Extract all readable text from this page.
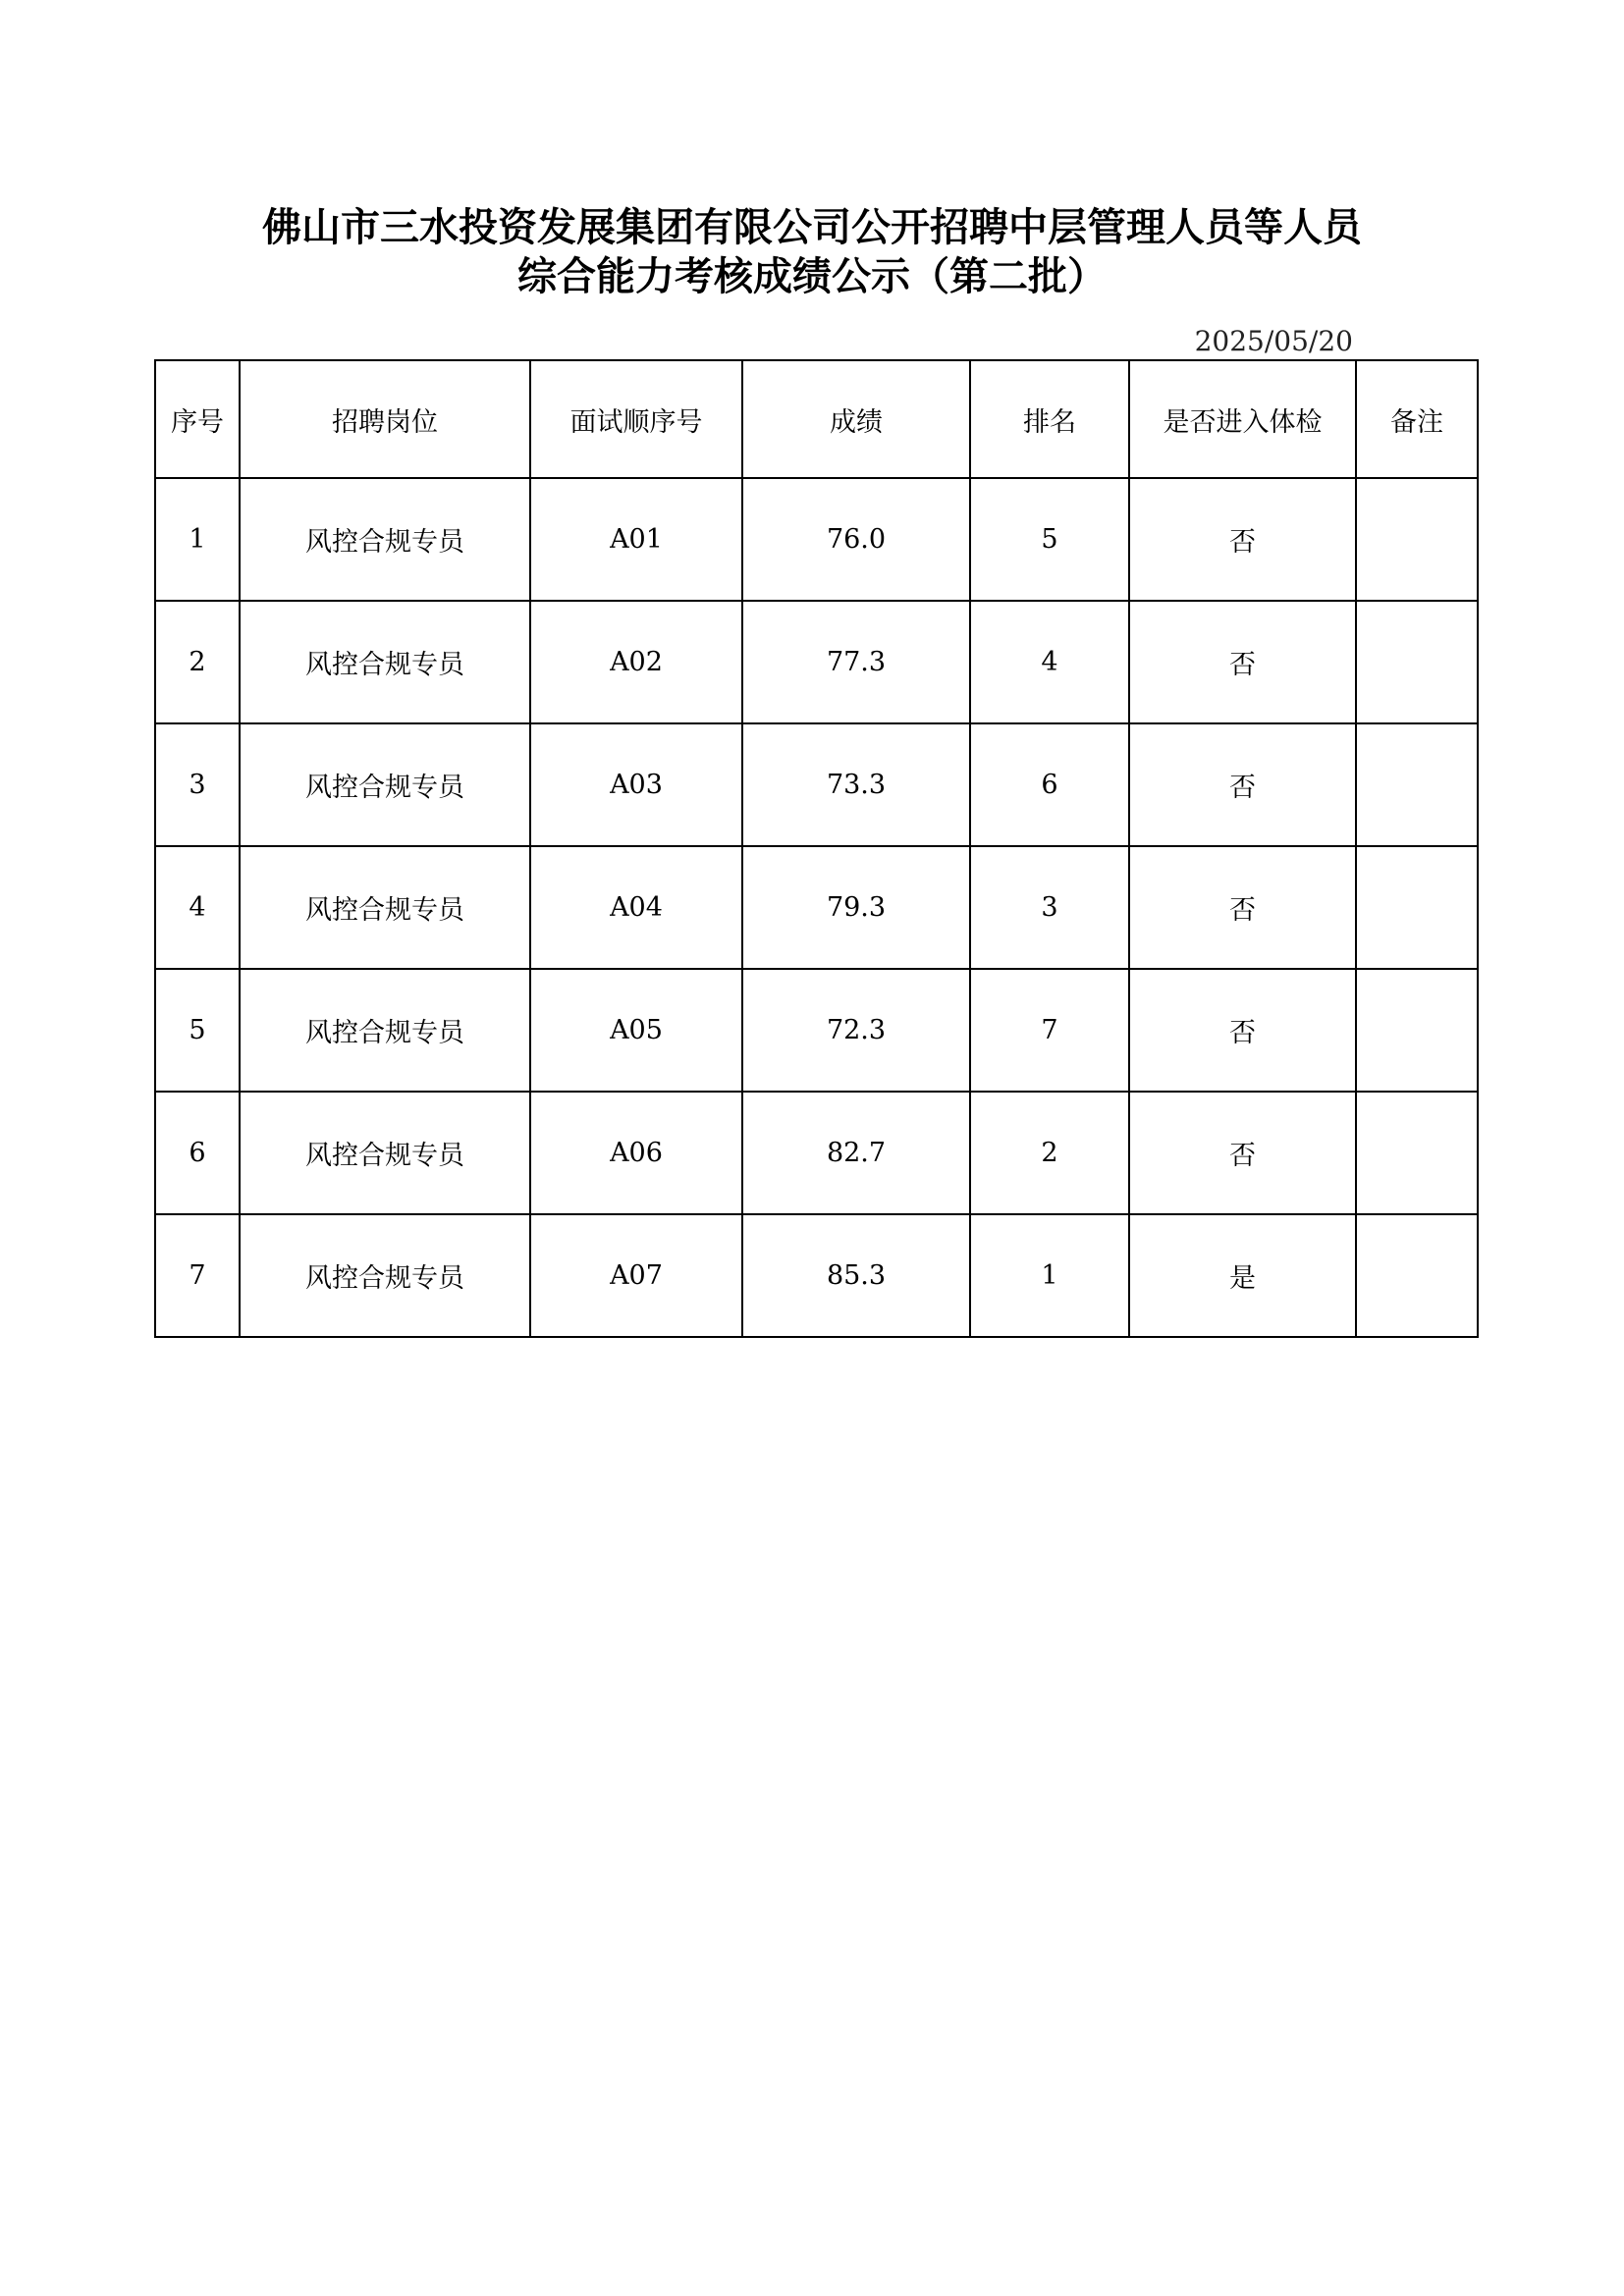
佛山市三水投资发展集团有限公司公开招聘中层管理人员等人员
综合能力考核成绩公示（第二批）
2025/05/20
序号	招聘岗位	面试顺序号	成绩	排名	是否进入体检	备注
1	风控合规专员	A01	76.0	5	否	
2	风控合规专员	A02	77.3	4	否	
3	风控合规专员	A03	73.3	6	否	
4	风控合规专员	A04	79.3	3	否	
5	风控合规专员	A05	72.3	7	否	
6	风控合规专员	A06	82.7	2	否	
7	风控合规专员	A07	85.3	1	是	
